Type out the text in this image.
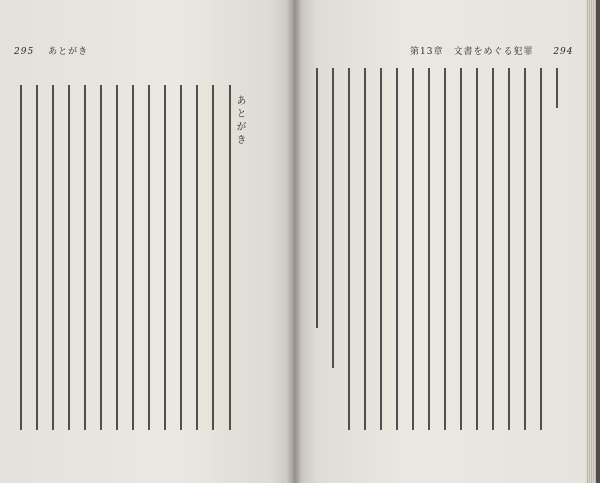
295 あとがき
あとがき
第13章　文書をめぐる犯罪 294
